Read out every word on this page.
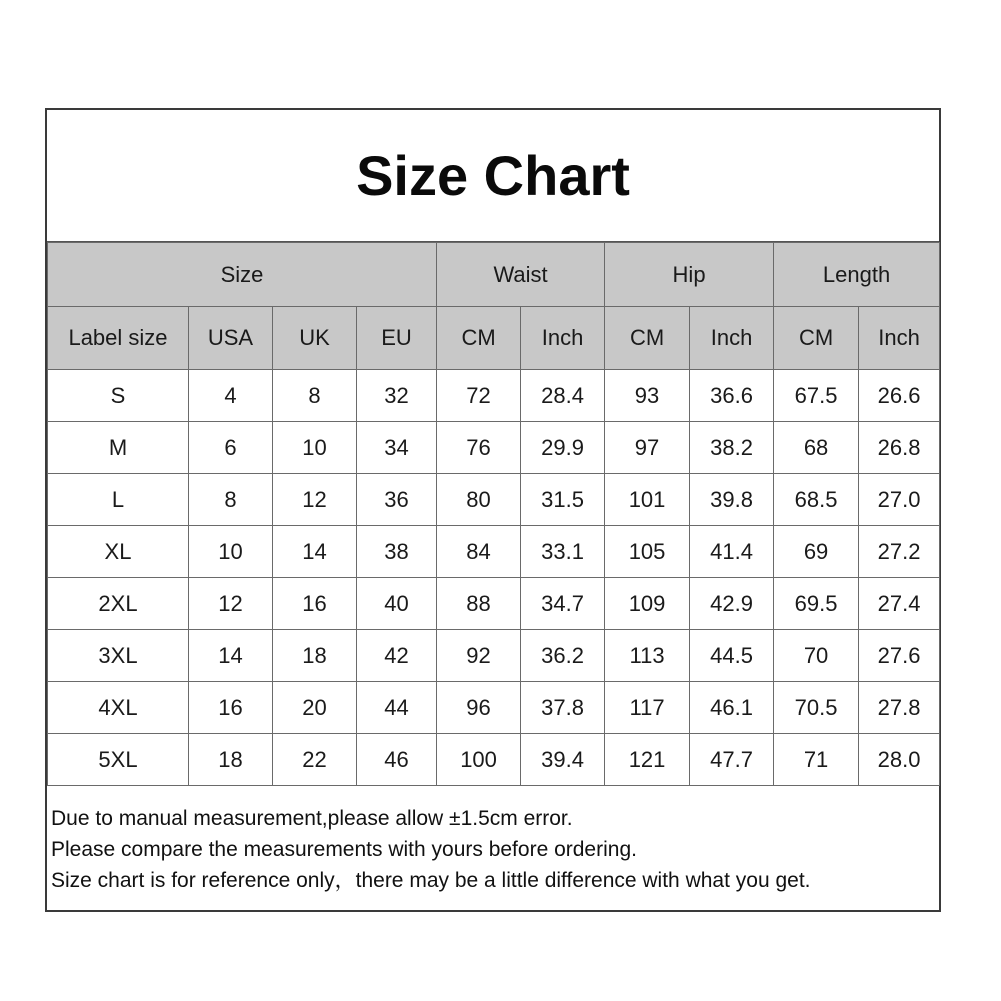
Size Chart
Size				Waist		Hip		Length	
Label size	USA	UK	EU	CM	Inch	CM	Inch	CM	Inch
S	4	8	32	72	28.4	93	36.6	67.5	26.6
M	6	10	34	76	29.9	97	38.2	68	26.8
L	8	12	36	80	31.5	101	39.8	68.5	27.0
XL	10	14	38	84	33.1	105	41.4	69	27.2
2XL	12	16	40	88	34.7	109	42.9	69.5	27.4
3XL	14	18	42	92	36.2	113	44.5	70	27.6
4XL	16	20	44	96	37.8	117	46.1	70.5	27.8
5XL	18	22	46	100	39.4	121	47.7	71	28.0
Due to manual measurement,please allow ±1.5cm error.
Please compare the measurements with yours before ordering.
Size chart is for reference only，there may be a little difference with what you get.
